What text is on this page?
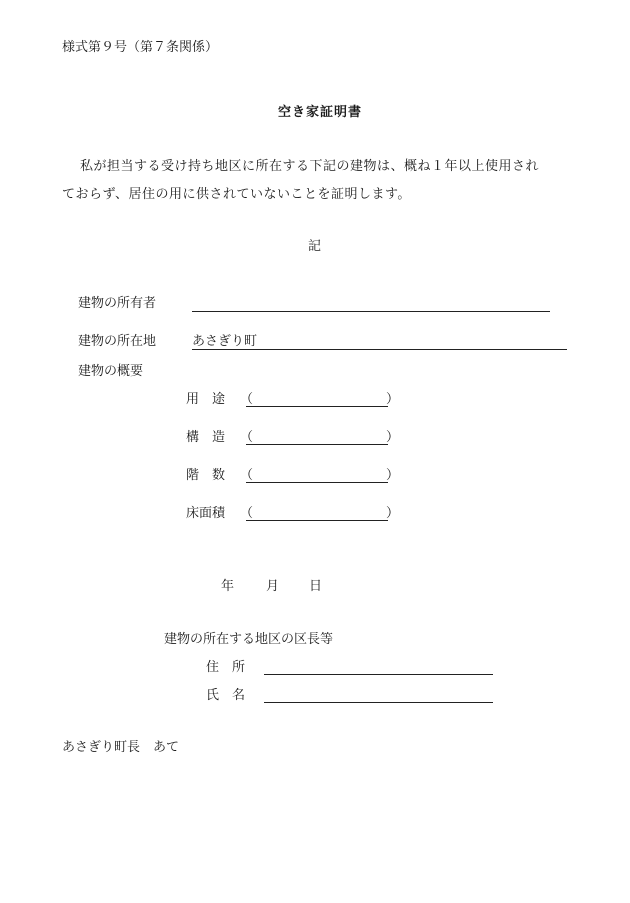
様式第９号（第７条関係）
空き家証明書
私が担当する受け持ち地区に所在する下記の建物は、概ね１年以上使用され
ておらず、居住の用に供されていないことを証明します。
記
建物の所有者
建物の所在地	あさぎり町
建物の概要
用　途 （	）
構　造 （	）
階　数 （	）
床面積 （	）
年 月 日
建物の所在する地区の区長等
住　所
氏　名
あさぎり町長　あて
